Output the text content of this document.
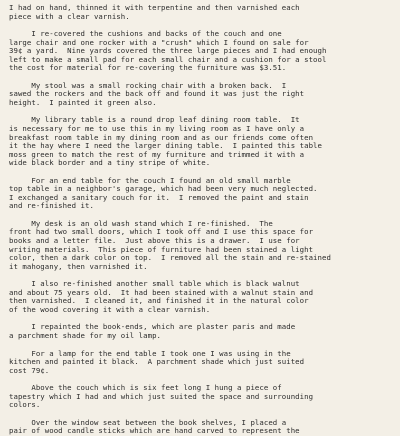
I had on hand, thinned it with terpentine and then varnished each
piece with a clear varnish.
I re-covered the cushions and backs of the couch and one
large chair and one rocker with a "crush" which I found on sale for
39¢ a yard.  Nine yards covered the three large pieces and I had enough
left to make a small pad for each small chair and a cushion for a stool
the cost for material for re-covering the furniture was $3.51.
My stool was a small rocking chair with a broken back.  I
sawed the rockers and the back off and found it was just the right
height.  I painted it green also.
My library table is a round drop leaf dining room table.  It
is necessary for me to use this in my living room as I have only a
breakfast room table in my dining room and as our friends come often
it the hay where I need the larger dining table.  I painted this table
moss green to match the rest of my furniture and trimmed it with a
wide black border and a tiny stripe of white.
For an end table for the couch I found an old small marble
top table in a neighbor's garage, which had been very much neglected.
I exchanged a sanitary couch for it.  I removed the paint and stain
and re-finished it.
My desk is an old wash stand which I re-finished.  The
front had two small doors, which I took off and I use this space for
books and a letter file.  Just above this is a drawer.  I use for
writing materials.  This piece of furniture had been stained a light
color, then a dark color on top.  I removed all the stain and re-stained
it mahogany, then varnished it.
I also re-finished another small table which is black walnut
and about 75 years old.  It had been stained with a walnut stain and
then varnished.  I cleaned it, and finished it in the natural color
of the wood covering it with a clear varnish.
I repainted the book-ends, which are plaster paris and made
a parchment shade for my oil lamp.
For a lamp for the end table I took one I was using in the
kitchen and painted it black.  A parchment shade which just suited
cost 79¢.
Above the couch which is six feet long I hung a piece of
tapestry which I had and which just suited the space and surrounding
colors.
Over the window seat between the book shelves, I placed a
pair of wood candle sticks which are hand carved to represent the
